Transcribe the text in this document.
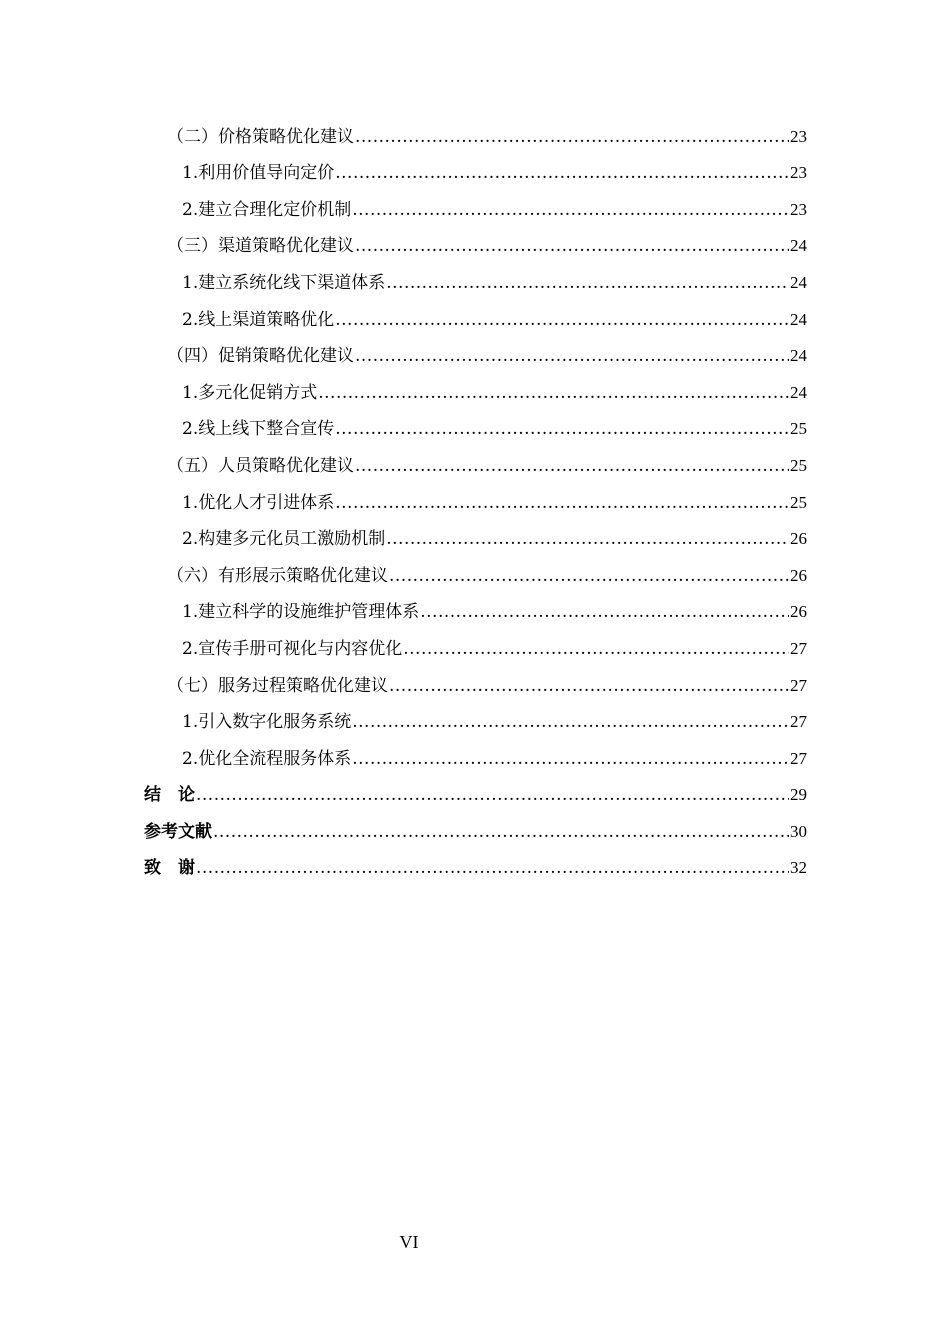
（二）价格策略优化建议 .....	23
1.利用价值导向定价 .....	23
2.建立合理化定价机制 .....	23
（三）渠道策略优化建议 .....	24
1.建立系统化线下渠道体系 .....	24
2.线上渠道策略优化 .....	24
（四）促销策略优化建议 .....	24
1.多元化促销方式 .....	24
2.线上线下整合宣传 .....	25
（五）人员策略优化建议 .....	25
1.优化人才引进体系 .....	25
2.构建多元化员工激励机制 .....	26
（六）有形展示策略优化建议 .....	26
1.建立科学的设施维护管理体系 .....	26
2.宣传手册可视化与内容优化 .....	27
（七）服务过程策略优化建议 .....	27
1.引入数字化服务系统 .....	27
2.优化全流程服务体系 .....	27
结　论 .....	29
参考文献 .....	30
致　谢 .....	32
VI
